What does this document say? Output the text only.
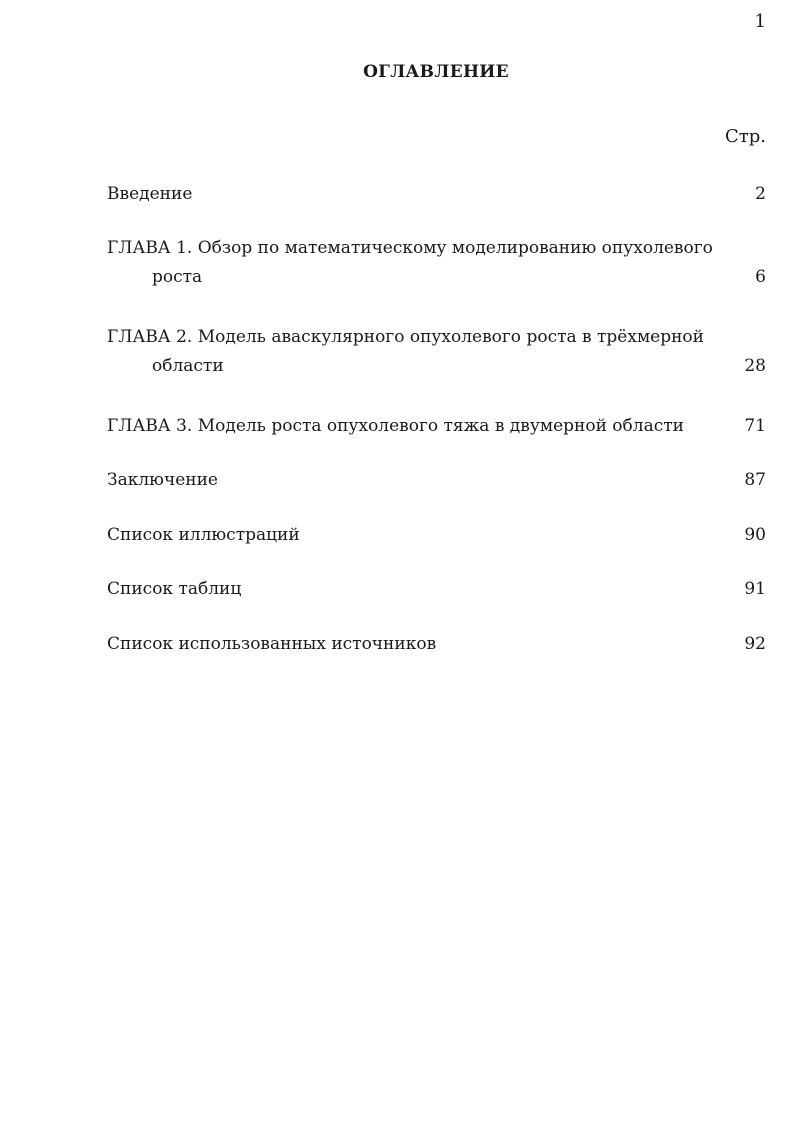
1
ОГЛАВЛЕНИЕ
Стр.
Введение	2
ГЛАВА 1. Обзор по математическому моделированию опухолевого
роста	6
ГЛАВА 2. Модель аваскулярного опухолевого роста в трёхмерной
области	28
ГЛАВА 3. Модель роста опухолевого тяжа в двумерной области	71
Заключение	87
Список иллюстраций	90
Список таблиц	91
Список использованных источников	92
